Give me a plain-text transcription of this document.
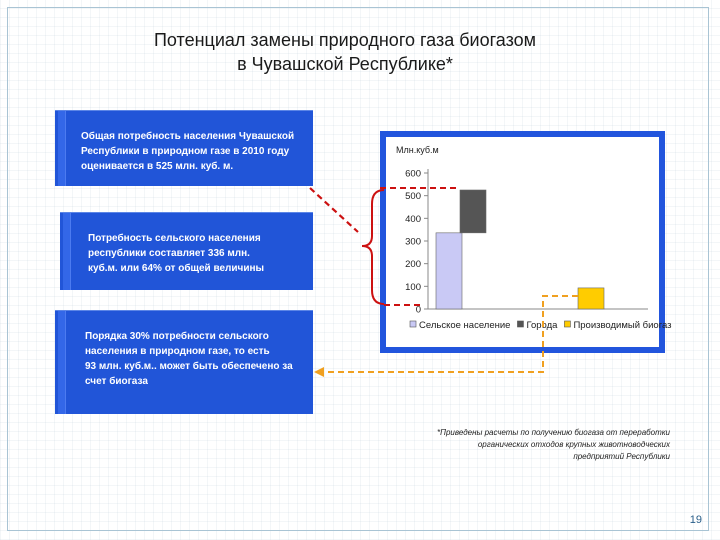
Потенциал замены природного газа биогазом
в Чувашской Республике*
Общая потребность населения Чувашской
Республики в природном газе в 2010 году
оценивается в 525 млн. куб. м.
Потребность сельского населения
республики составляет 336 млн.
куб.м. или 64% от общей величины
Порядка 30% потребности сельского
населения в природном газе, то есть
93 млн. куб.м.. может быть обеспечено за
счет биогаза
Млн.куб.м
0
100
200
300
400
500
600
Сельское население Города Производимый биогаз
*Приведены расчеты по получению биогаза от переработки
органических отходов крупных животноводческих
предприятий Республики
19
